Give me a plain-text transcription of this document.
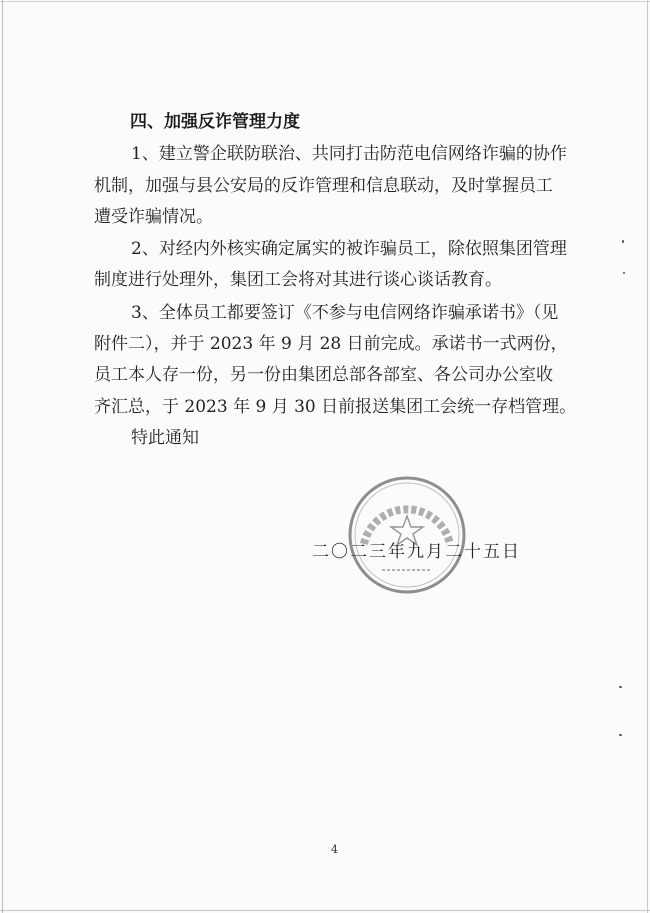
四、加强反诈管理力度
1、建立警企联防联治、共同打击防范电信网络诈骗的协作
机制，加强与县公安局的反诈管理和信息联动，及时掌握员工
遭受诈骗情况。
2、对经内外核实确定属实的被诈骗员工，除依照集团管理
制度进行处理外，集团工会将对其进行谈心谈话教育。
3、全体员工都要签订《不参与电信网络诈骗承诺书》（见
附件二），并于 2023 年 9 月 28 日前完成。承诺书一式两份，
员工本人存一份，另一份由集团总部各部室、各公司办公室收
齐汇总，于 2023 年 9 月 30 日前报送集团工会统一存档管理。
特此通知
二〇二三年九月二十五日
4
